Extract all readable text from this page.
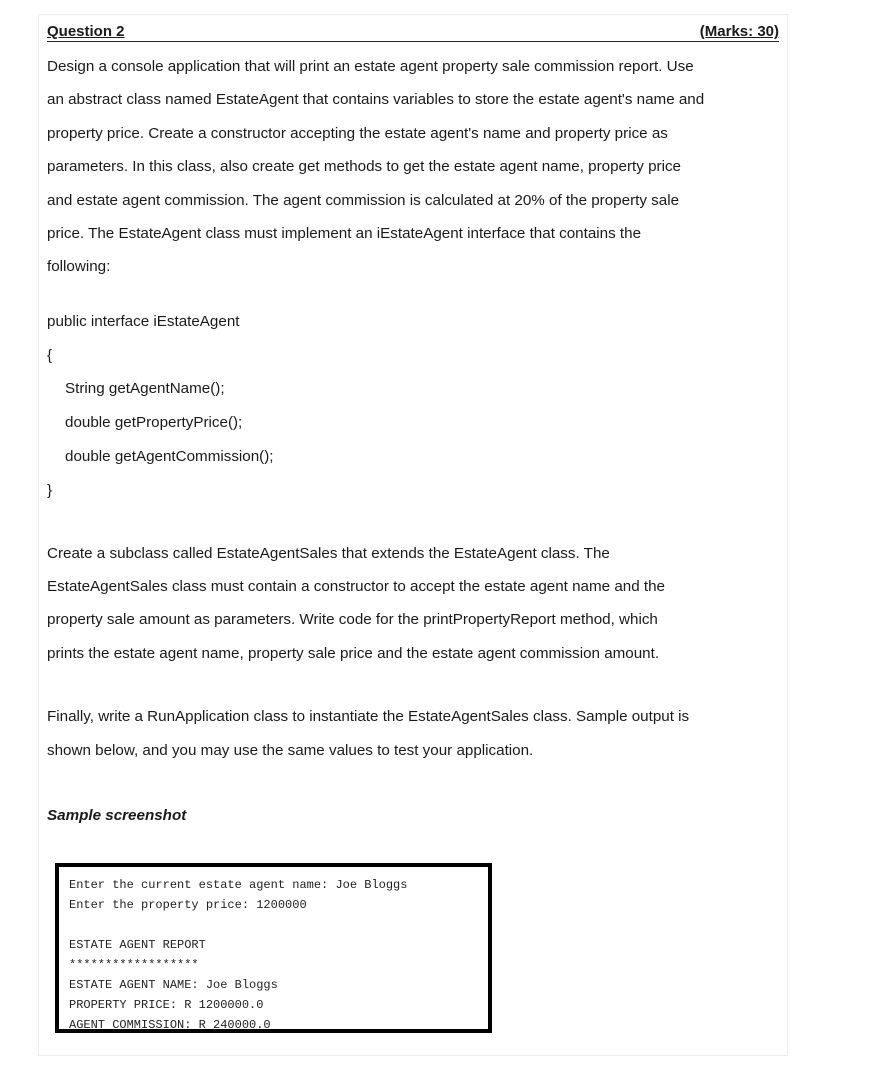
Question 2	(Marks: 30)

Design a console application that will print an estate agent property sale commission report. Use

an abstract class named EstateAgent that contains variables to store the estate agent's name and

property price. Create a constructor accepting the estate agent's name and property price as

parameters. In this class, also create get methods to get the estate agent name, property price

and estate agent commission. The agent commission is calculated at 20% of the property sale

price. The EstateAgent class must implement an iEstateAgent interface that contains the

following:

public interface iEstateAgent
{
String getAgentName();
double getPropertyPrice();
double getAgentCommission();
}

Create a subclass called EstateAgentSales that extends the EstateAgent class. The

EstateAgentSales class must contain a constructor to accept the estate agent name and the

property sale amount as parameters. Write code for the printPropertyReport method, which

prints the estate agent name, property sale price and the estate agent commission amount.

Finally, write a RunApplication class to instantiate the EstateAgentSales class. Sample output is

shown below, and you may use the same values to test your application.

Sample screenshot
Enter the current estate agent name: Joe Bloggs
Enter the property price: 1200000
ESTATE AGENT REPORT
******************
ESTATE AGENT NAME: Joe Bloggs
PROPERTY PRICE: R 1200000.0
AGENT COMMISSION: R 240000.0
